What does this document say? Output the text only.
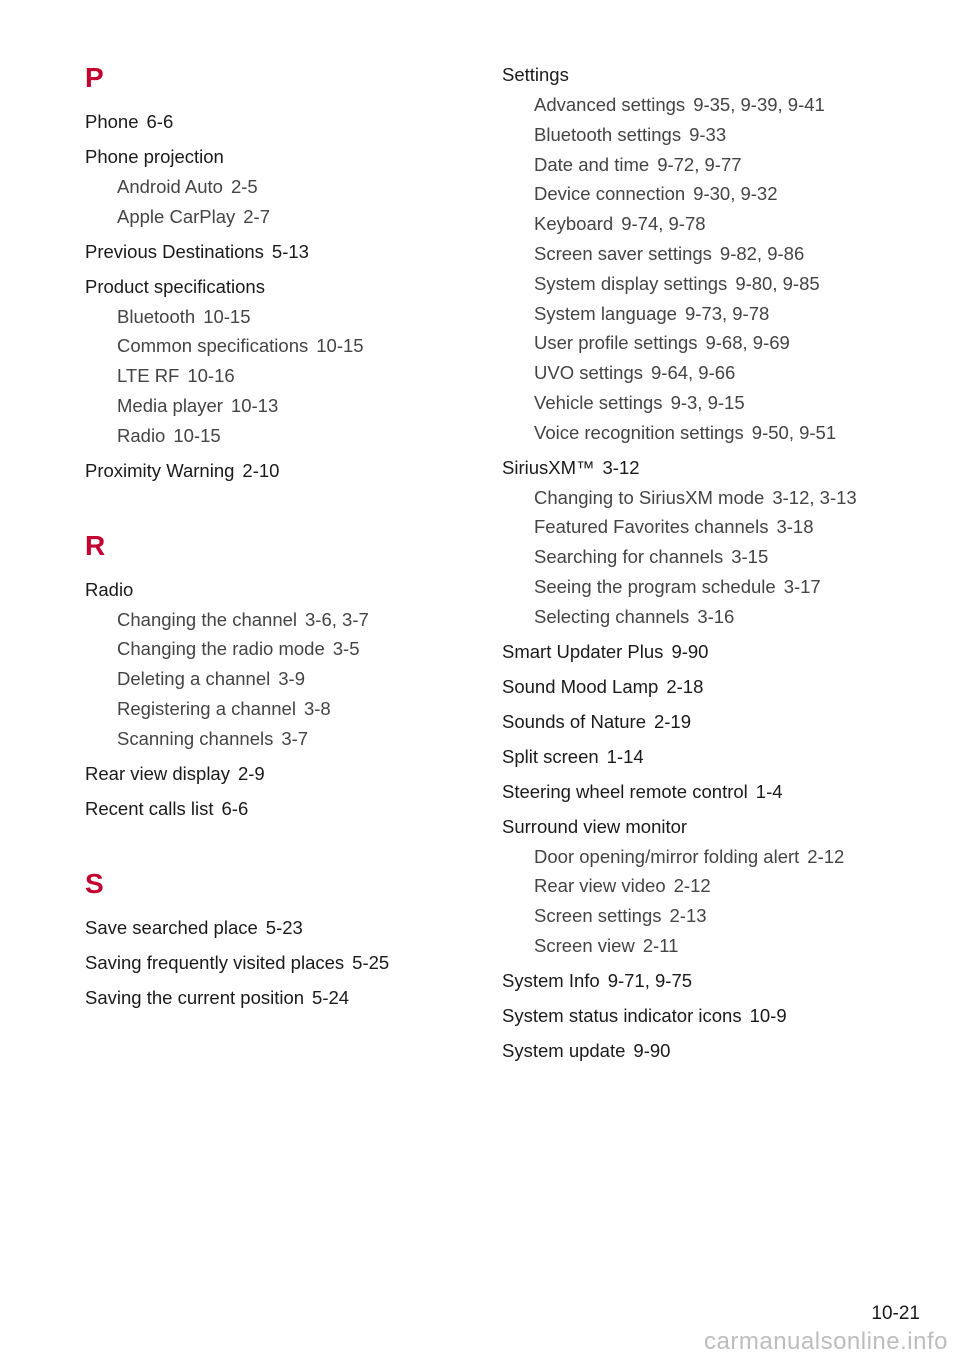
P
Phone 6-6
Phone projection
Android Auto 2-5
Apple CarPlay 2-7
Previous Destinations 5-13
Product specifications
Bluetooth 10-15
Common specifications 10-15
LTE RF 10-16
Media player 10-13
Radio 10-15
Proximity Warning 2-10
R
Radio
Changing the channel 3-6, 3-7
Changing the radio mode 3-5
Deleting a channel 3-9
Registering a channel 3-8
Scanning channels 3-7
Rear view display 2-9
Recent calls list 6-6
S
Save searched place 5-23
Saving frequently visited places 5-25
Saving the current position 5-24
Settings
Advanced settings 9-35, 9-39, 9-41
Bluetooth settings 9-33
Date and time 9-72, 9-77
Device connection 9-30, 9-32
Keyboard 9-74, 9-78
Screen saver settings 9-82, 9-86
System display settings 9-80, 9-85
System language 9-73, 9-78
User profile settings 9-68, 9-69
UVO settings 9-64, 9-66
Vehicle settings 9-3, 9-15
Voice recognition settings 9-50, 9-51
SiriusXM™ 3-12
Changing to SiriusXM mode 3-12, 3-13
Featured Favorites channels 3-18
Searching for channels 3-15
Seeing the program schedule 3-17
Selecting channels 3-16
Smart Updater Plus 9-90
Sound Mood Lamp 2-18
Sounds of Nature 2-19
Split screen 1-14
Steering wheel remote control 1-4
Surround view monitor
Door opening/mirror folding alert 2-12
Rear view video 2-12
Screen settings 2-13
Screen view 2-11
System Info 9-71, 9-75
System status indicator icons 10-9
System update 9-90
10-21
carmanualsonline.info
